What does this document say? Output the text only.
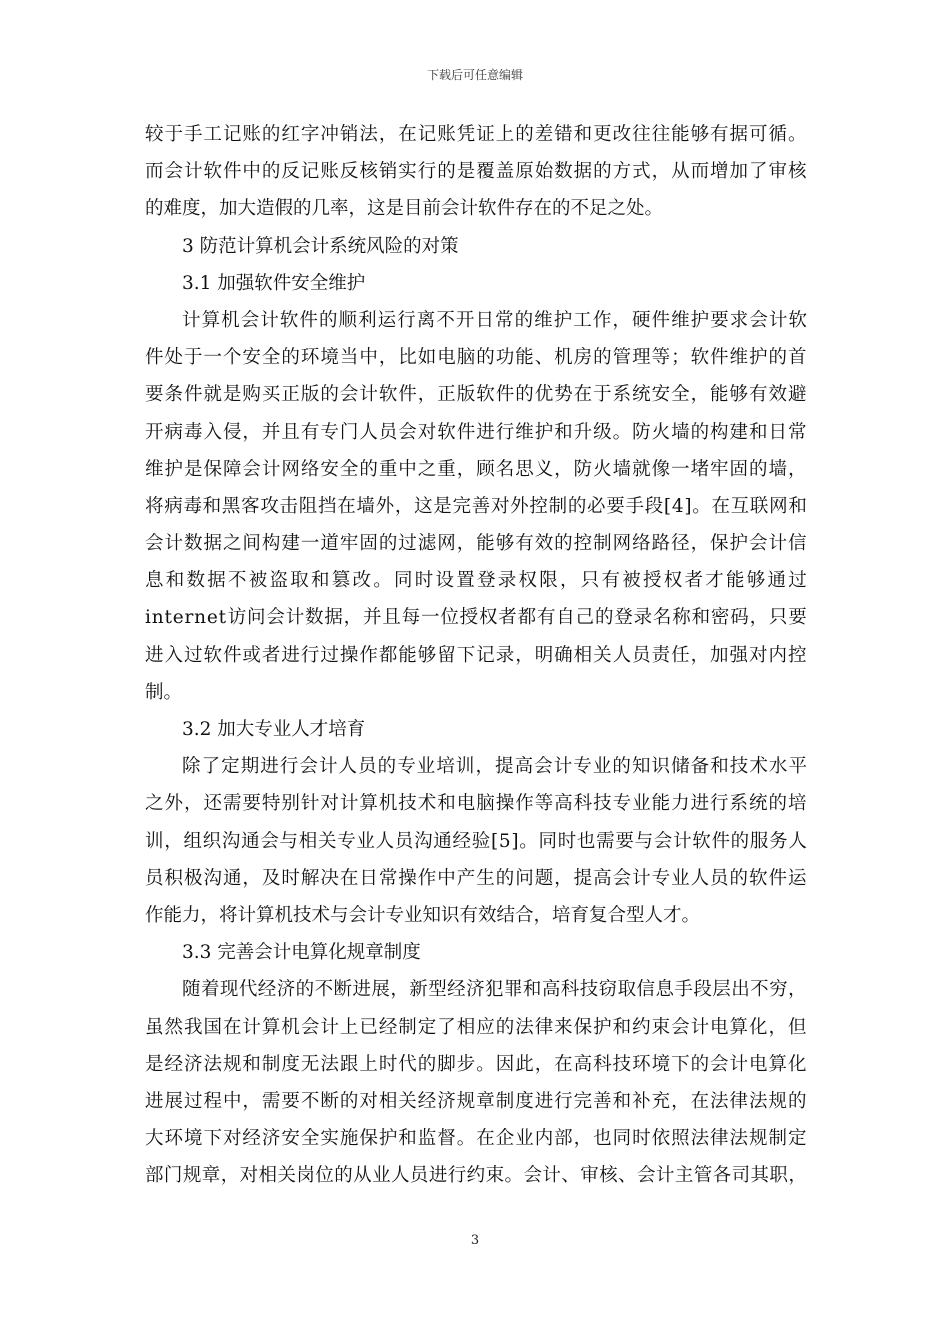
下载后可任意编辑
较 于 手 工 记 账 的 红 字 冲 销 法 ， 在 记 账 凭 证 上 的 差 错 和 更 改 往 往 能 够 有 据 可 循 。
而 会 计 软 件 中 的 反 记 账 反 核 销 实 行 的 是 覆 盖 原 始 数 据 的 方 式 ， 从 而 增 加 了 审 核
的难度，加大造假的几率，这是目前会计软件存在的不足之处。
3 防范计算机会计系统风险的对策
3.1 加强软件安全维护
计 算 机 会 计 软 件 的 顺 利 运 行 离 不 开 日 常 的 维 护 工 作 ， 硬 件 维 护 要 求 会 计 软
件 处 于 一 个 安 全 的 环 境 当 中 ， 比 如 电 脑 的 功 能 、 机 房 的 管 理 等 ； 软 件 维 护 的 首
要 条 件 就 是 购 买 正 版 的 会 计 软 件 ， 正 版 软 件 的 优 势 在 于 系 统 安 全 ， 能 够 有 效 避
开 病 毒 入 侵 ， 并 且 有 专 门 人 员 会 对 软 件 进 行 维 护 和 升 级 。 防 火 墙 的 构 建 和 日 常
维 护 是 保 障 会 计 网 络 安 全 的 重 中 之 重 ， 顾 名 思 义 ， 防 火 墙 就 像 一 堵 牢 固 的 墙 ，
将 病 毒 和 黑 客 攻 击 阻 挡 在 墙 外 ， 这 是 完 善 对 外 控 制 的 必 要 手 段 [ 4 ] 。 在 互 联 网 和
会 计 数 据 之 间 构 建 一 道 牢 固 的 过 滤 网 ， 能 够 有 效 的 控 制 网 络 路 径 ， 保 护 会 计 信
息 和 数 据 不 被 盗 取 和 篡 改 。 同 时 设 置 登 录 权 限 ， 只 有 被 授 权 者 才 能 够 通 过
i n t e r n e t 访 问 会 计 数 据 ， 并 且 每 一 位 授 权 者 都 有 自 己 的 登 录 名 称 和 密 码 ， 只 要
进 入 过 软 件 或 者 进 行 过 操 作 都 能 够 留 下 记 录 ， 明 确 相 关 人 员 责 任 ， 加 强 对 内 控
制。
3.2 加大专业人才培育
除 了 定 期 进 行 会 计 人 员 的 专 业 培 训 ， 提 高 会 计 专 业 的 知 识 储 备 和 技 术 水 平
之 外 ， 还 需 要 特 别 针 对 计 算 机 技 术 和 电 脑 操 作 等 高 科 技 专 业 能 力 进 行 系 统 的 培
训 ， 组 织 沟 通 会 与 相 关 专 业 人 员 沟 通 经 验 [ 5 ] 。 同 时 也 需 要 与 会 计 软 件 的 服 务 人
员 积 极 沟 通 ， 及 时 解 决 在 日 常 操 作 中 产 生 的 问 题 ， 提 高 会 计 专 业 人 员 的 软 件 运
作能力，将计算机技术与会计专业知识有效结合，培育复合型人才。
3.3 完善会计电算化规章制度
随 着 现 代 经 济 的 不 断 进 展 ， 新 型 经 济 犯 罪 和 高 科 技 窃 取 信 息 手 段 层 出 不 穷 ，
虽 然 我 国 在 计 算 机 会 计 上 已 经 制 定 了 相 应 的 法 律 来 保 护 和 约 束 会 计 电 算 化 ， 但
是 经 济 法 规 和 制 度 无 法 跟 上 时 代 的 脚 步 。 因 此 ， 在 高 科 技 环 境 下 的 会 计 电 算 化
进 展 过 程 中 ， 需 要 不 断 的 对 相 关 经 济 规 章 制 度 进 行 完 善 和 补 充 ， 在 法 律 法 规 的
大 环 境 下 对 经 济 安 全 实 施 保 护 和 监 督 。 在 企 业 内 部 ， 也 同 时 依 照 法 律 法 规 制 定
部 门 规 章 ， 对 相 关 岗 位 的 从 业 人 员 进 行 约 束 。 会 计 、 审 核 、 会 计 主 管 各 司 其 职 ，
3
